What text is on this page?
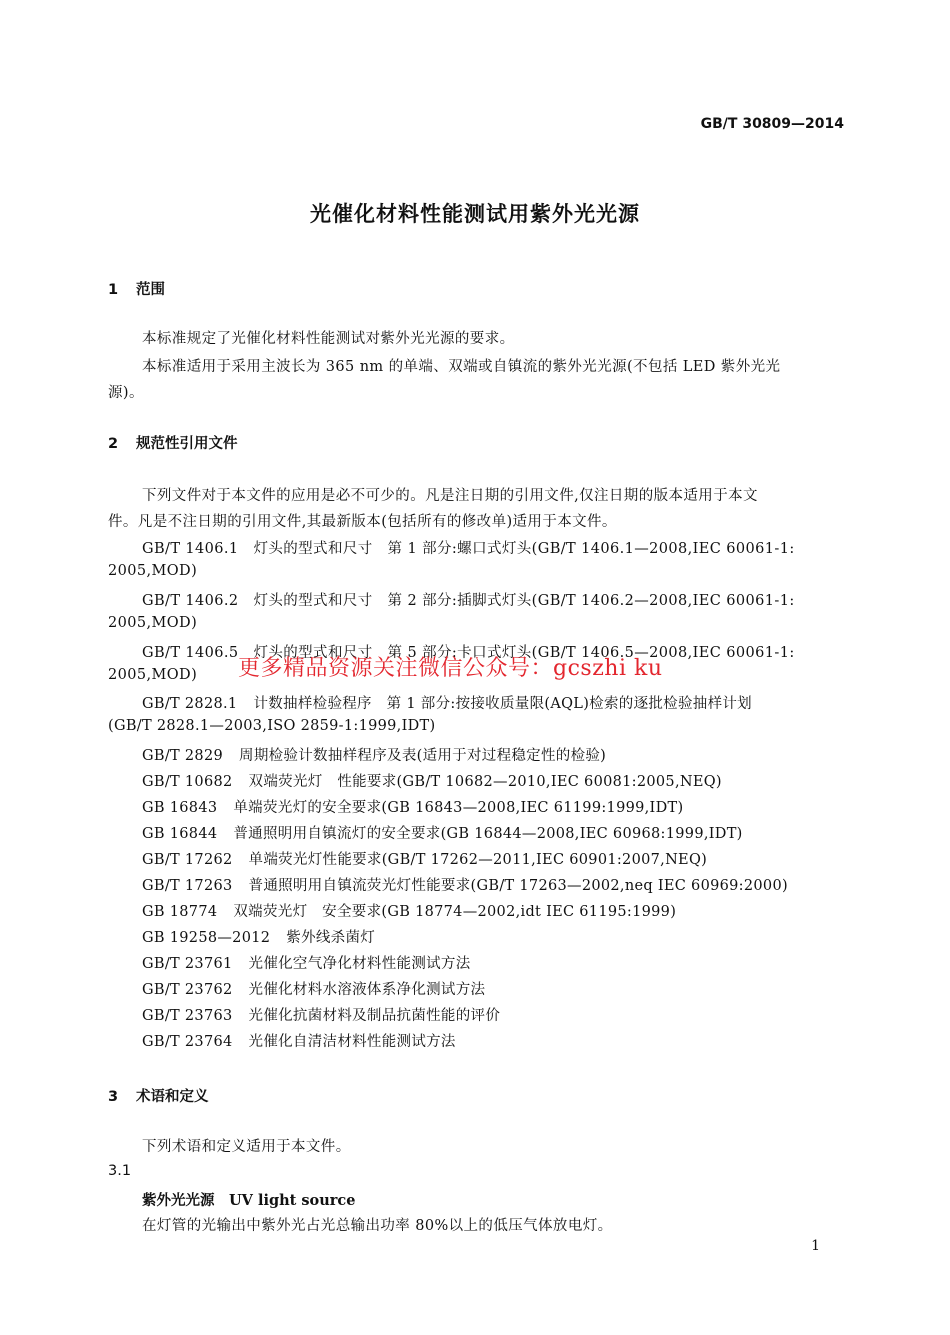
GB/T 30809—2014
光催化材料性能测试用紫外光光源
1 范围
本标准规定了光催化材料性能测试对紫外光光源的要求。
本标准适用于采用主波长为 365 nm 的单端、双端或自镇流的紫外光光源(不包括 LED 紫外光光
源)。
2 规范性引用文件
下列文件对于本文件的应用是必不可少的。凡是注日期的引用文件,仅注日期的版本适用于本文
件。凡是不注日期的引用文件,其最新版本(包括所有的修改单)适用于本文件。
GB/T 1406.1　灯头的型式和尺寸　第 1 部分:螺口式灯头(GB/T 1406.1—2008,IEC 60061-1:
2005,MOD)
GB/T 1406.2　灯头的型式和尺寸　第 2 部分:插脚式灯头(GB/T 1406.2—2008,IEC 60061-1:
2005,MOD)
GB/T 1406.5　灯头的型式和尺寸　第 5 部分:卡口式灯头(GB/T 1406.5—2008,IEC 60061-1:
2005,MOD) 更多精品资源关注微信公众号：gcszhi ku
GB/T 2828.1 计数抽样检验程序　第 1 部分:按接收质量限(AQL)检索的逐批检验抽样计划
(GB/T 2828.1—2003,ISO 2859-1:1999,IDT)
GB/T 2829 周期检验计数抽样程序及表(适用于对过程稳定性的检验)
GB/T 10682 双端荧光灯　性能要求(GB/T 10682—2010,IEC 60081:2005,NEQ)
GB 16843 单端荧光灯的安全要求(GB 16843—2008,IEC 61199:1999,IDT)
GB 16844 普通照明用自镇流灯的安全要求(GB 16844—2008,IEC 60968:1999,IDT)
GB/T 17262 单端荧光灯性能要求(GB/T 17262—2011,IEC 60901:2007,NEQ)
GB/T 17263 普通照明用自镇流荧光灯性能要求(GB/T 17263—2002,neq IEC 60969:2000)
GB 18774 双端荧光灯　安全要求(GB 18774—2002,idt IEC 61195:1999)
GB 19258—2012 紫外线杀菌灯
GB/T 23761 光催化空气净化材料性能测试方法
GB/T 23762 光催化材料水溶液体系净化测试方法
GB/T 23763 光催化抗菌材料及制品抗菌性能的评价
GB/T 23764 光催化自清洁材料性能测试方法
3 术语和定义
下列术语和定义适用于本文件。
3.1
紫外光光源　UV light source
在灯管的光输出中紫外光占光总输出功率 80%以上的低压气体放电灯。
1
